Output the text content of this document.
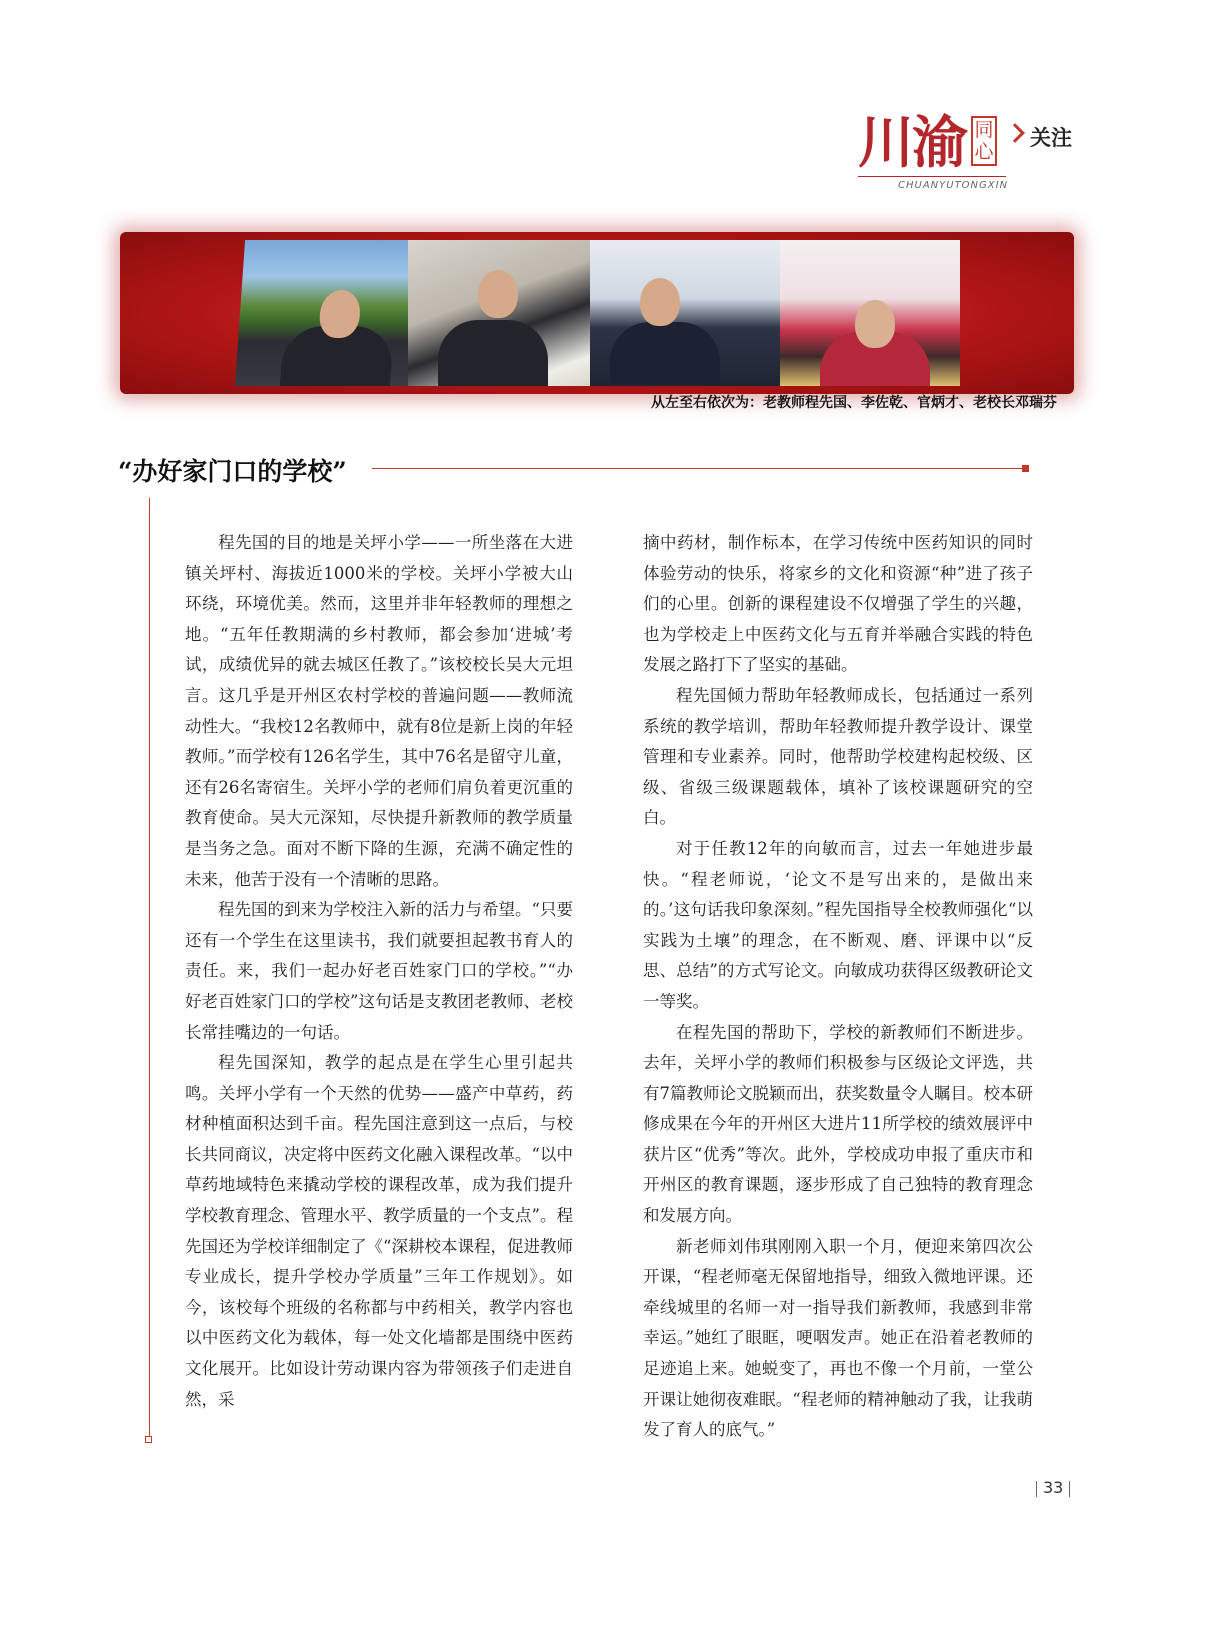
川渝 同
心
关注
CHUANYUTONGXIN
从左至右依次为：老教师程先国、李佐乾、官炳才、老校长邓瑞芬
“办好家门口的学校”

程先国的目的地是关坪小学——一所坐落在大进镇关坪村、海拔近1000米的学校。关坪小学被大山环绕，环境优美。然而，这里并非年轻教师的理想之地。“五年任教期满的乡村教师，都会参加‘进城’考试，成绩优异的就去城区任教了。”该校校长吴大元坦言。这几乎是开州区农村学校的普遍问题——教师流动性大。“我校12名教师中，就有8位是新上岗的年轻教师。”而学校有126名学生，其中76名是留守儿童，还有26名寄宿生。关坪小学的老师们肩负着更沉重的教育使命。吴大元深知，尽快提升新教师的教学质量是当务之急。面对不断下降的生源，充满不确定性的未来，他苦于没有一个清晰的思路。

程先国的到来为学校注入新的活力与希望。“只要还有一个学生在这里读书，我们就要担起教书育人的责任。来，我们一起办好老百姓家门口的学校。”“办好老百姓家门口的学校”这句话是支教团老教师、老校长常挂嘴边的一句话。

程先国深知，教学的起点是在学生心里引起共鸣。关坪小学有一个天然的优势——盛产中草药，药材种植面积达到千亩。程先国注意到这一点后，与校长共同商议，决定将中医药文化融入课程改革。“以中草药地域特色来撬动学校的课程改革，成为我们提升学校教育理念、管理水平、教学质量的一个支点”。程先国还为学校详细制定了《“深耕校本课程，促进教师专业成长，提升学校办学质量”三年工作规划》。如今，该校每个班级的名称都与中药相关，教学内容也以中医药文化为载体，每一处文化墙都是围绕中医药文化展开。比如设计劳动课内容为带领孩子们走进自然，采

摘中药材，制作标本，在学习传统中医药知识的同时体验劳动的快乐，将家乡的文化和资源“种”进了孩子们的心里。创新的课程建设不仅增强了学生的兴趣，也为学校走上中医药文化与五育并举融合实践的特色发展之路打下了坚实的基础。

程先国倾力帮助年轻教师成长，包括通过一系列系统的教学培训，帮助年轻教师提升教学设计、课堂管理和专业素养。同时，他帮助学校建构起校级、区级、省级三级课题载体，填补了该校课题研究的空白。

对于任教12年的向敏而言，过去一年她进步最快。“程老师说，‘论文不是写出来的，是做出来的。’这句话我印象深刻。”程先国指导全校教师强化“以实践为土壤”的理念，在不断观、磨、评课中以“反思、总结”的方式写论文。向敏成功获得区级教研论文一等奖。

在程先国的帮助下，学校的新教师们不断进步。去年，关坪小学的教师们积极参与区级论文评选，共有7篇教师论文脱颖而出，获奖数量令人瞩目。校本研修成果在今年的开州区大进片11所学校的绩效展评中获片区“优秀”等次。此外，学校成功申报了重庆市和开州区的教育课题，逐步形成了自己独特的教育理念和发展方向。

新老师刘伟琪刚刚入职一个月，便迎来第四次公开课，“程老师毫无保留地指导，细致入微地评课。还牵线城里的名师一对一指导我们新教师，我感到非常幸运。”她红了眼眶，哽咽发声。她正在沿着老教师的足迹追上来。她蜕变了，再也不像一个月前，一堂公开课让她彻夜难眠。“程老师的精神触动了我，让我萌发了育人的底气。”

33
